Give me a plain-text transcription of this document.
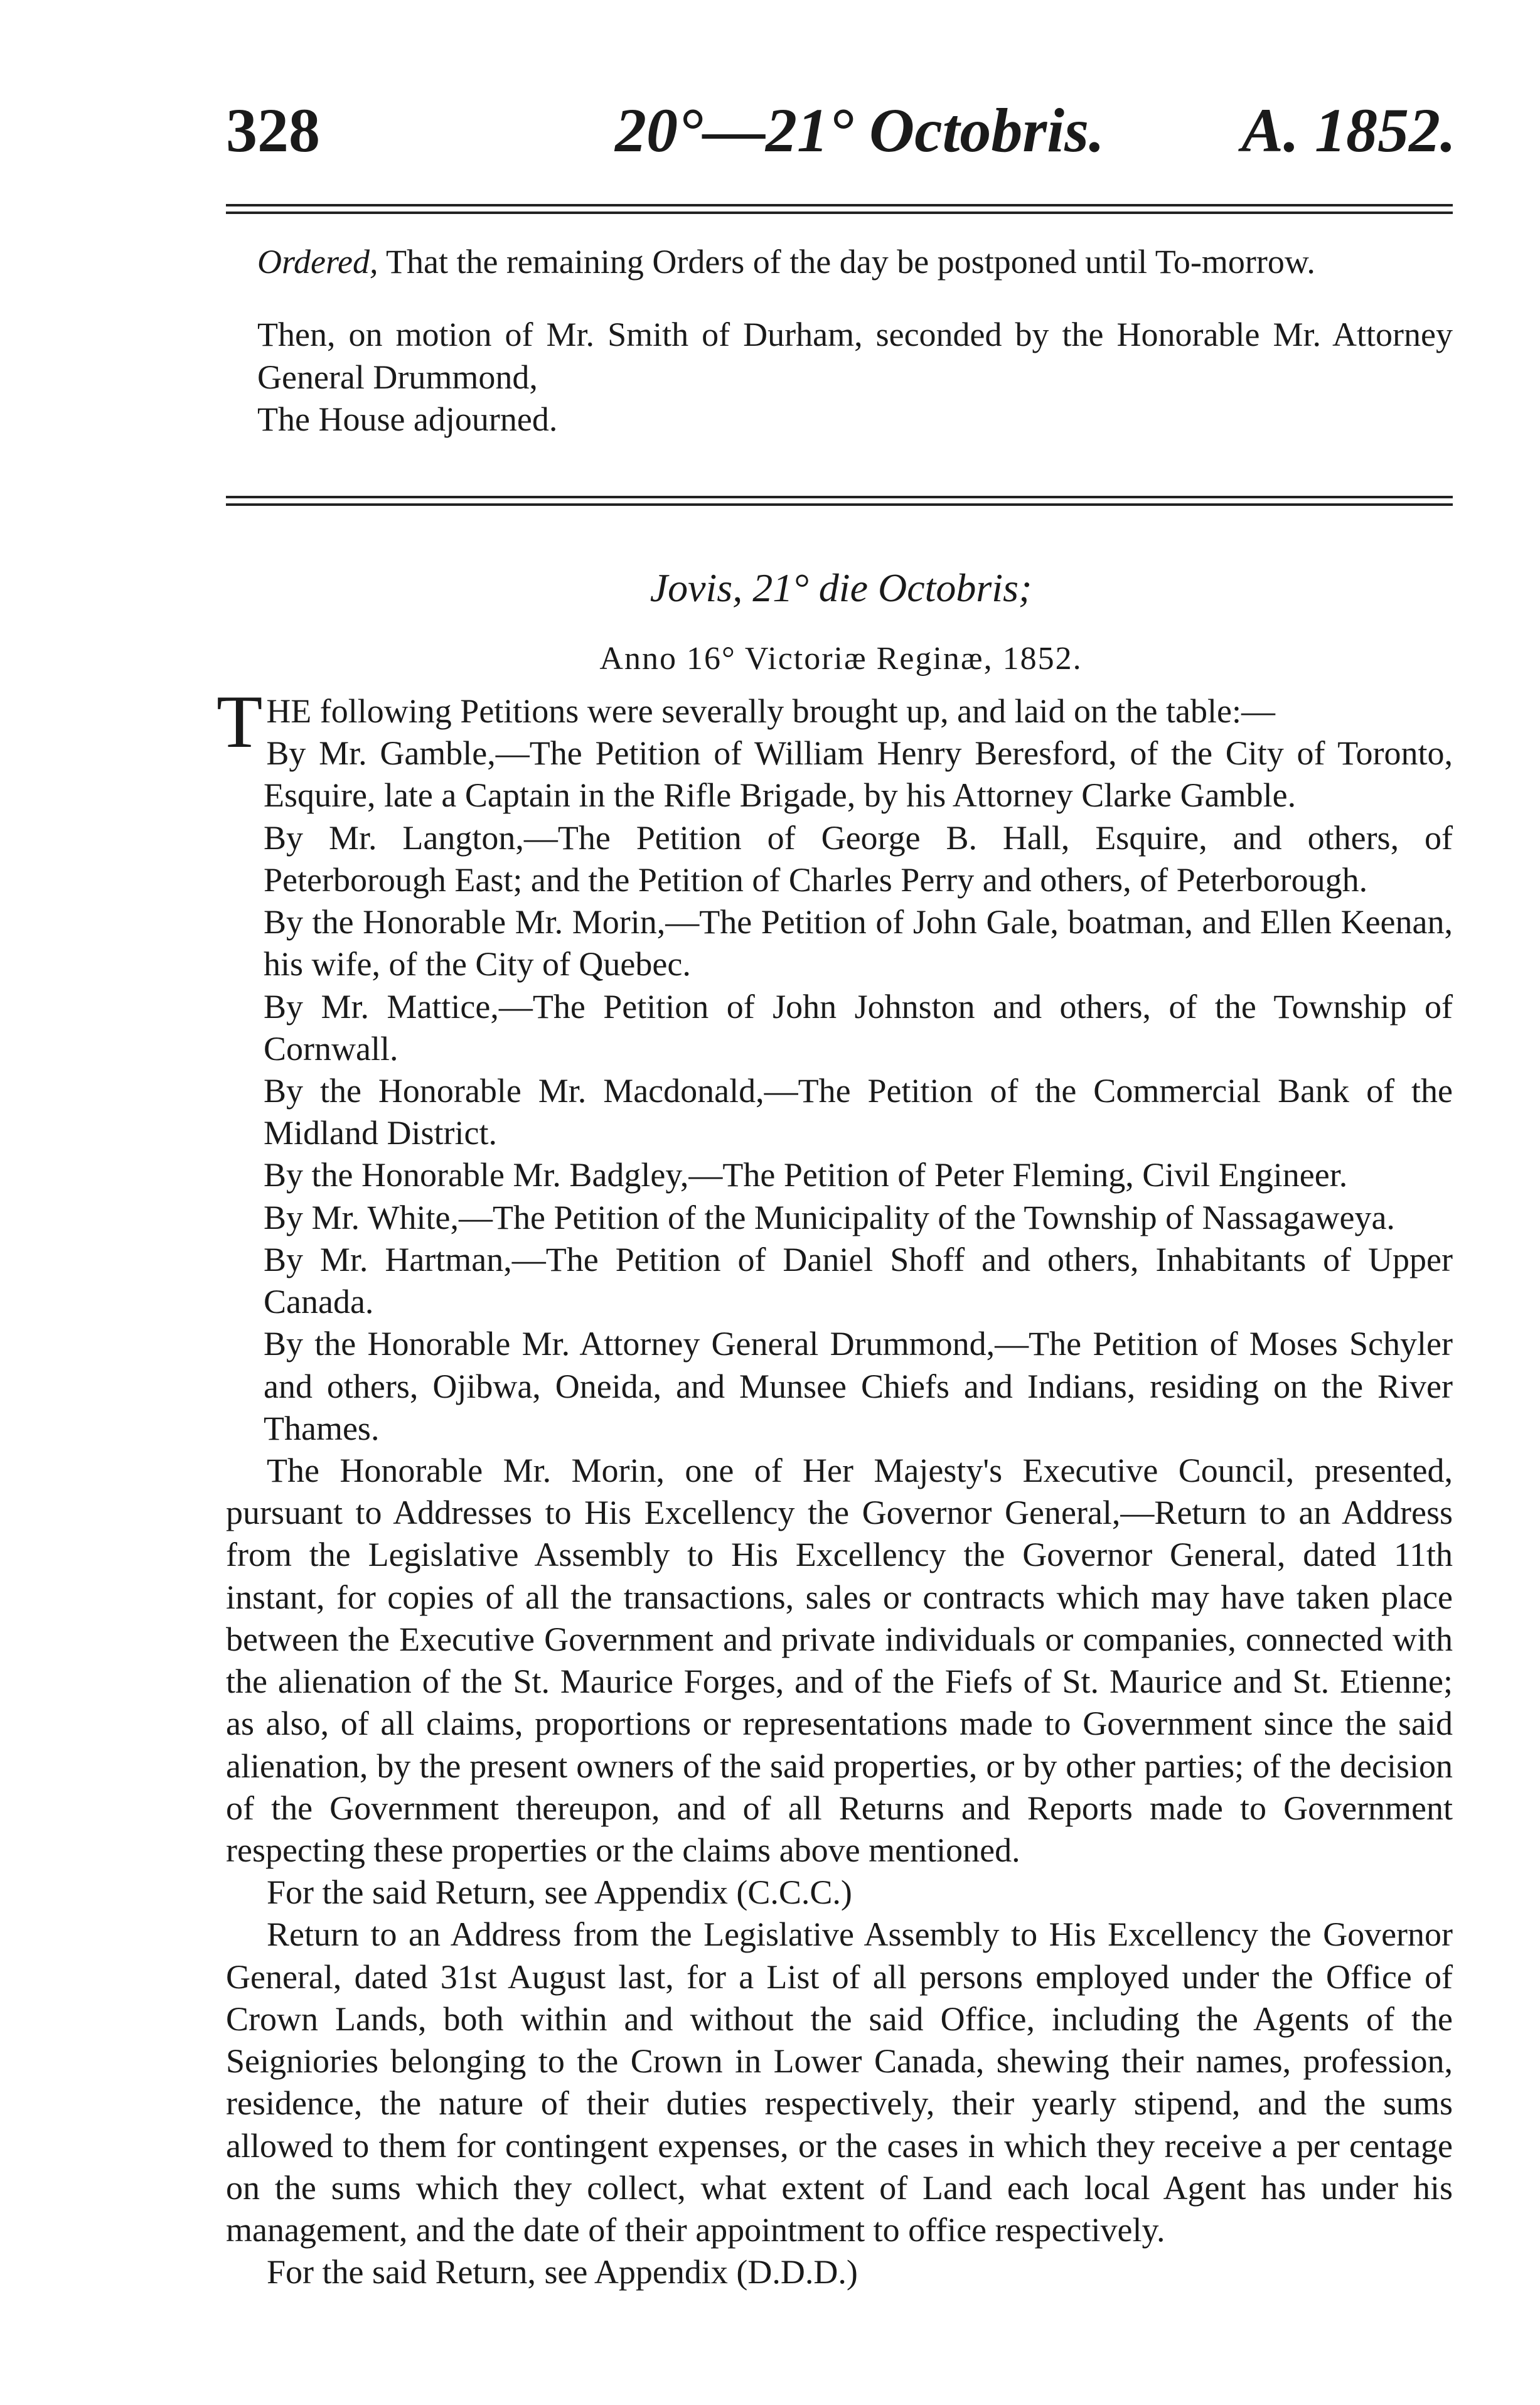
328	20°—21° Octobris. A. 1852.

Ordered, That the remaining Orders of the day be postponed until To-morrow.

Then, on motion of Mr. Smith of Durham, seconded by the Honorable Mr. Attorney General Drummond,

The House adjourned.

Jovis, 21° die Octobris;
Anno 16° Victoriæ Reginæ, 1852.

THE following Petitions were severally brought up, and laid on the table:—

By Mr. Gamble,—The Petition of William Henry Beresford, of the City of Toronto, Esquire, late a Captain in the Rifle Brigade, by his Attorney Clarke Gamble.

By Mr. Langton,—The Petition of George B. Hall, Esquire, and others, of Peterborough East; and the Petition of Charles Perry and others, of Peterborough.

By the Honorable Mr. Morin,—The Petition of John Gale, boatman, and Ellen Keenan, his wife, of the City of Quebec.

By Mr. Mattice,—The Petition of John Johnston and others, of the Township of Cornwall.

By the Honorable Mr. Macdonald,—The Petition of the Commercial Bank of the Midland District.

By the Honorable Mr. Badgley,—The Petition of Peter Fleming, Civil Engineer.

By Mr. White,—The Petition of the Municipality of the Township of Nassagaweya.

By Mr. Hartman,—The Petition of Daniel Shoff and others, Inhabitants of Upper Canada.

By the Honorable Mr. Attorney General Drummond,—The Petition of Moses Schyler and others, Ojibwa, Oneida, and Munsee Chiefs and Indians, residing on the River Thames.

The Honorable Mr. Morin, one of Her Majesty's Executive Council, presented, pursuant to Addresses to His Excellency the Governor General,—Return to an Address from the Legislative Assembly to His Excellency the Governor General, dated 11th instant, for copies of all the transactions, sales or contracts which may have taken place between the Executive Government and private individuals or companies, connected with the alienation of the St. Maurice Forges, and of the Fiefs of St. Maurice and St. Etienne; as also, of all claims, proportions or representations made to Government since the said alienation, by the present owners of the said properties, or by other parties; of the decision of the Government thereupon, and of all Returns and Reports made to Government respecting these properties or the claims above mentioned.

For the said Return, see Appendix (C.C.C.)

Return to an Address from the Legislative Assembly to His Excellency the Governor General, dated 31st August last, for a List of all persons employed under the Office of Crown Lands, both within and without the said Office, including the Agents of the Seigniories belonging to the Crown in Lower Canada, shewing their names, profession, residence, the nature of their duties respectively, their yearly stipend, and the sums allowed to them for contingent expenses, or the cases in which they receive a per centage on the sums which they collect, what extent of Land each local Agent has under his management, and the date of their appointment to office respectively.

For the said Return, see Appendix (D.D.D.)
